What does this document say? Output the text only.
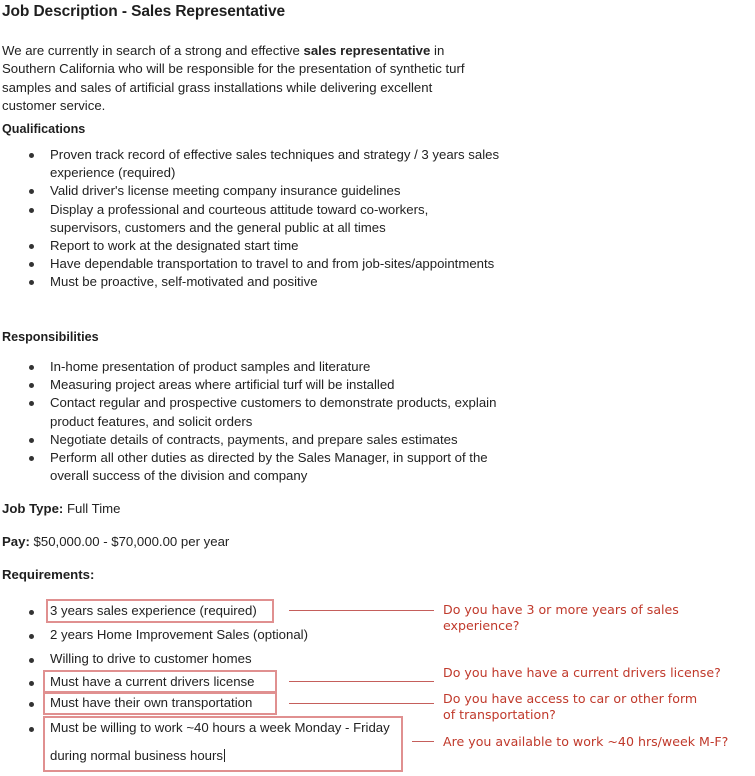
Job Description - Sales Representative

We are currently in search of a strong and effective sales representative in Southern California who will be responsible for the presentation of synthetic turf samples and sales of artificial grass installations while delivering excellent customer service.

Qualifications
Proven track record of effective sales techniques and strategy / 3 years sales experience (required)
Valid driver's license meeting company insurance guidelines
Display a professional and courteous attitude toward co-workers, supervisors, customers and the general public at all times
Report to work at the designated start time
Have dependable transportation to travel to and from job-sites/appointments
Must be proactive, self-motivated and positive
Responsibilities
In-home presentation of product samples and literature
Measuring project areas where artificial turf will be installed
Contact regular and prospective customers to demonstrate products, explain product features, and solicit orders
Negotiate details of contracts, payments, and prepare sales estimates
Perform all other duties as directed by the Sales Manager, in support of the overall success of the division and company
Job Type: Full Time
Pay: $50,000.00 - $70,000.00 per year
Requirements:
3 years sales experience (required)
2 years Home Improvement Sales (optional)
Willing to drive to customer homes
Must have a current drivers license
Must have their own transportation
Must be willing to work ~40 hours a week Monday - Friday
during normal business hours
Do you have 3 or more years of sales experience?
Do you have have a current drivers license?
Do you have access to car or other form of transportation?
Are you available to work ~40 hrs/week M-F?
